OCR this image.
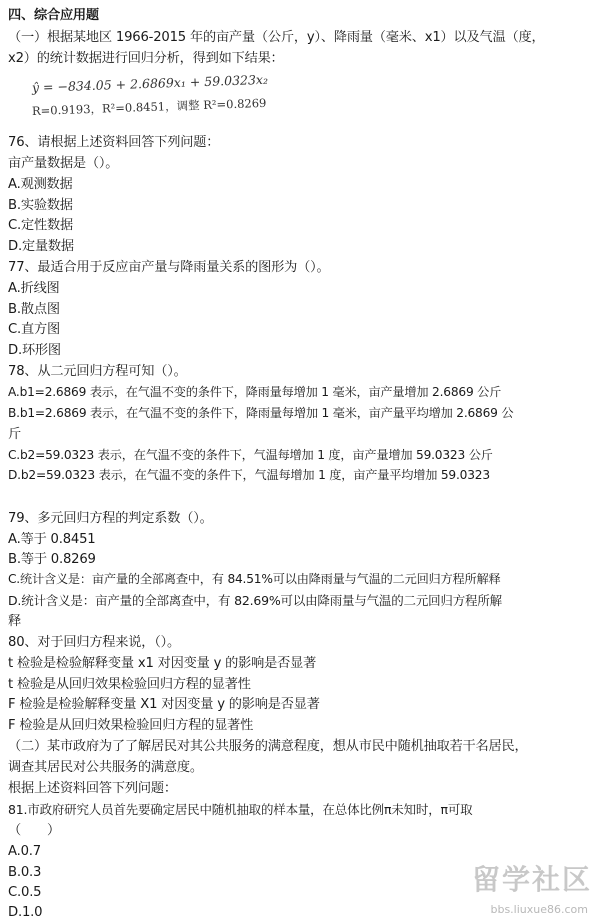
四、综合应用题
（一）根据某地区 1966-2015 年的亩产量（公斤，y）、降雨量（毫米、x1）以及气温（度，
x2）的统计数据进行回归分析，得到如下结果：
ŷ = −834.05 + 2.6869x₁ + 59.0323x₂
R=0.9193，R²=0.8451，调整 R²=0.8269
76、请根据上述资料回答下列问题：
亩产量数据是（）。
A.观测数据
B.实验数据
C.定性数据
D.定量数据
77、最适合用于反应亩产量与降雨量关系的图形为（）。
A.折线图
B.散点图
C.直方图
D.环形图
78、从二元回归方程可知（）。
A.b1=2.6869 表示，在气温不变的条件下，降雨量每增加 1 毫米，亩产量增加 2.6869 公斤
B.b1=2.6869 表示，在气温不变的条件下，降雨量每增加 1 毫米，亩产量平均增加 2.6869 公
斤
C.b2=59.0323 表示，在气温不变的条件下，气温每增加 1 度，亩产量增加 59.0323 公斤
D.b2=59.0323 表示，在气温不变的条件下，气温每增加 1 度，亩产量平均增加 59.0323
79、多元回归方程的判定系数（）。
A.等于 0.8451
B.等于 0.8269
C.统计含义是：亩产量的全部离查中，有 84.51%可以由降雨量与气温的二元回归方程所解释
D.统计含义是：亩产量的全部离查中，有 82.69%可以由降雨量与气温的二元回归方程所解
释
80、对于回归方程来说，（）。
t 检验是检验解释变量 x1 对因变量 y 的影响是否显著
t 检验是从回归效果检验回归方程的显著性
F 检验是检验解释变量 X1 对因变量 y 的影响是否显著
F 检验是从回归效果检验回归方程的显著性
（二）某市政府为了了解居民对其公共服务的满意程度，想从市民中随机抽取若干名居民，
调查其居民对公共服务的满意度。
根据上述资料回答下列问题：
81.市政府研究人员首先要确定居民中随机抽取的样本量，在总体比例π未知时，π可取
（　　）
A.0.7
B.0.3
C.0.5
D.1.0
留学社区
bbs.liuxue86.com
